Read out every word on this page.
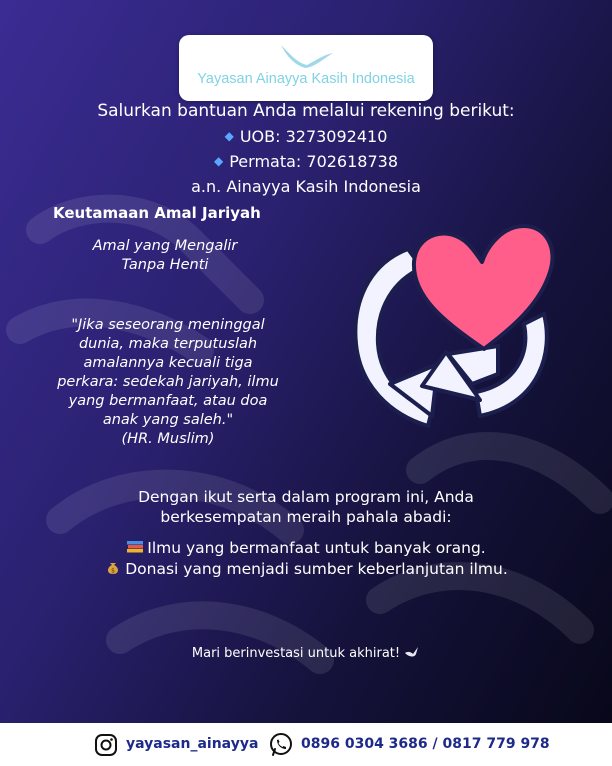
Yayasan Ainayya Kasih Indonesia
Salurkan bantuan Anda melalui rekening berikut:
◆ UOB: 3273092410
◆ Permata: 702618738
a.n. Ainayya Kasih Indonesia
Keutamaan Amal Jariyah
Amal yang Mengalir
Tanpa Henti
"Jika seseorang meninggal
dunia, maka terputuslah
amalannya kecuali tiga
perkara: sedekah jariyah, ilmu
yang bermanfaat, atau doa
anak yang saleh."
(HR. Muslim)
Dengan ikut serta dalam program ini, Anda
berkesempatan meraih pahala abadi:
Ilmu yang bermanfaat untuk banyak orang.
$ Donasi yang menjadi sumber keberlanjutan ilmu.
Mari berinvestasi untuk akhirat!
yayasan_ainayya	0896 0304 3686 / 0817 779 978
